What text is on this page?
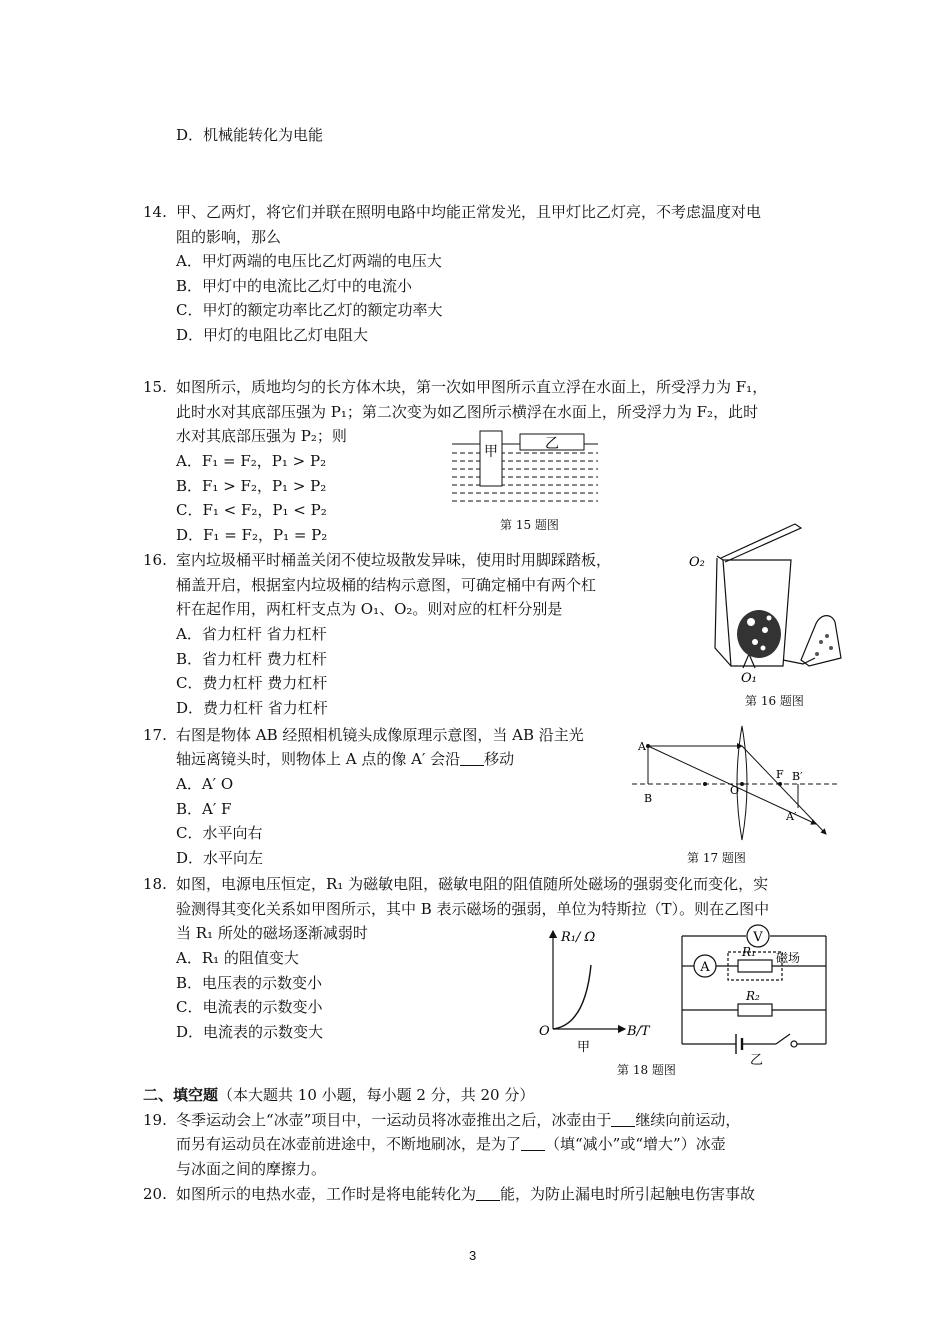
D．机械能转化为电能
14. 甲、乙两灯，将它们并联在照明电路中均能正常发光，且甲灯比乙灯亮，不考虑温度对电
阻的影响，那么
A．甲灯两端的电压比乙灯两端的电压大
B．甲灯中的电流比乙灯中的电流小
C．甲灯的额定功率比乙灯的额定功率大
D．甲灯的电阻比乙灯电阻大
15. 如图所示，质地均匀的长方体木块，第一次如甲图所示直立浮在水面上，所受浮力为 F₁，
此时水对其底部压强为 P₁；第二次变为如乙图所示横浮在水面上，所受浮力为 F₂，此时
水对其底部压强为 P₂；则
A．F₁ = F₂，P₁ > P₂
B．F₁ > F₂，P₁ > P₂
C．F₁ < F₂，P₁ < P₂
D．F₁ = F₂，P₁ = P₂
甲	乙
第 15 题图
16. 室内垃圾桶平时桶盖关闭不使垃圾散发异味，使用时用脚踩踏板，
桶盖开启，根据室内垃圾桶的结构示意图，可确定桶中有两个杠
杆在起作用，两杠杆支点为 O₁、O₂。则对应的杠杆分别是
A．省力杠杆 省力杠杆
B．省力杠杆 费力杠杆
C．费力杠杆 费力杠杆
D．费力杠杆 省力杠杆
O₂
O₁
第 16 题图
17. 右图是物体 AB 经照相机镜头成像原理示意图，当 AB 沿主光
轴远离镜头时，则物体上 A 点的像 A′ 会沿 移动
A．A′ O
B．A′ F
C．水平向右
D．水平向左
A
B
O
F B′
A′
第 17 题图
18. 如图，电源电压恒定，R₁ 为磁敏电阻，磁敏电阻的阻值随所处磁场的强弱变化而变化，实
验测得其变化关系如甲图所示，其中 B 表示磁场的强弱，单位为特斯拉（T）。则在乙图中
当 R₁ 所处的磁场逐渐减弱时
A．R₁ 的阻值变大
B．电压表的示数变小
C．电流表的示数变小
D．电流表的示数变大
R₁/ Ω
B/T
O
甲
V
A
R₁ 磁场
R₂
乙
第 18 题图
二、填空题（本大题共 10 小题，每小题 2 分，共 20 分）
19. 冬季运动会上“冰壶”项目中，一运动员将冰壶推出之后，冰壶由于 继续向前运动，
而另有运动员在冰壶前进途中，不断地刷冰，是为了 （填“减小”或“增大”）冰壶
与冰面之间的摩擦力。
20. 如图所示的电热水壶，工作时是将电能转化为 能，为防止漏电时所引起触电伤害事故
3
